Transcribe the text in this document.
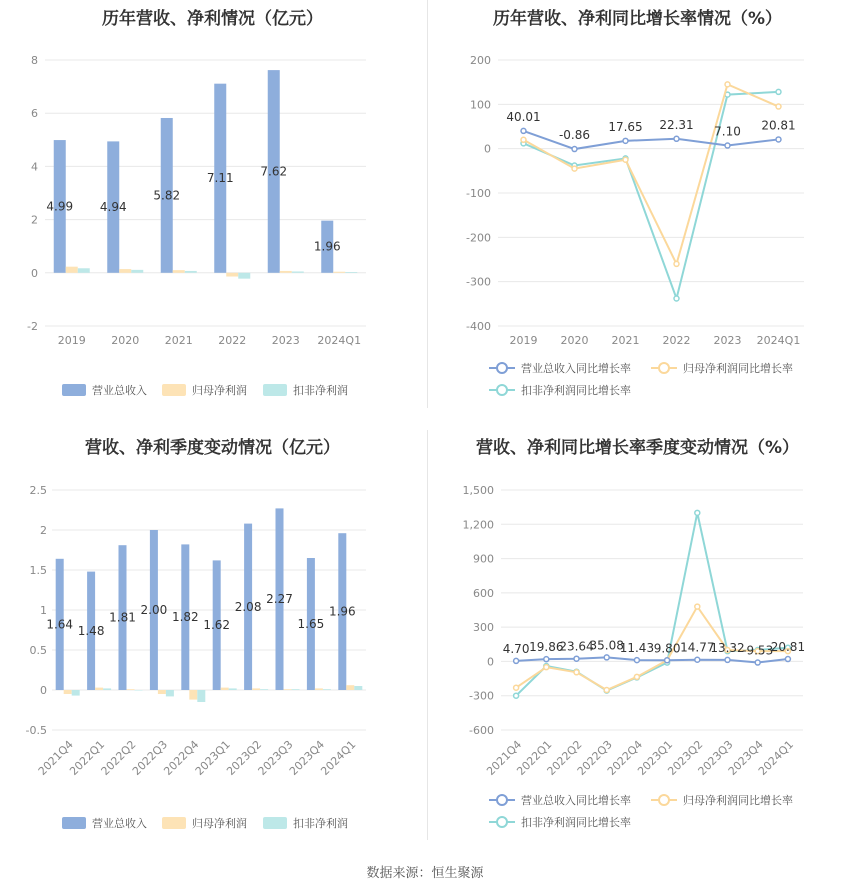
历年营收、净利情况（亿元）
-2
0
2
4
6
8
4.99
2019
4.94
2020
5.82
2021
7.11
2022
7.62
2023
1.96
2024Q1
营业总收入	归母净利润	扣非净利润
历年营收、净利同比增长率情况（%）
-400
-300
-200
-100
0
100
200
40.01
2019
-0.86
2020
17.65
2021
22.31
2022
7.10
2023
20.81
2024Q1
营业总收入同比增长率	归母净利润同比增长率
扣非净利润同比增长率
营收、净利季度变动情况（亿元）
-0.5
0
0.5
1
1.5
2
2.5
1.64
2021Q4
1.48
2022Q1
1.81
2022Q2
2.00
2022Q3
1.82
2022Q4
1.62
2023Q1
2.08
2023Q2
2.27
2023Q3
1.65
2023Q4
1.96
2024Q1
营业总收入	归母净利润	扣非净利润
营收、净利同比增长率季度变动情况（%）
-600
-300
0
300
600
900
1,200
1,500
4.70
2021Q4
19.86
2022Q1
23.64
2022Q2
35.08
2022Q3
11.43
2022Q4
9.80
2023Q1
14.77
2023Q2
13.32
2023Q3
-9.53
2023Q4
20.81
2024Q1
营业总收入同比增长率	归母净利润同比增长率
扣非净利润同比增长率
数据来源：恒生聚源
